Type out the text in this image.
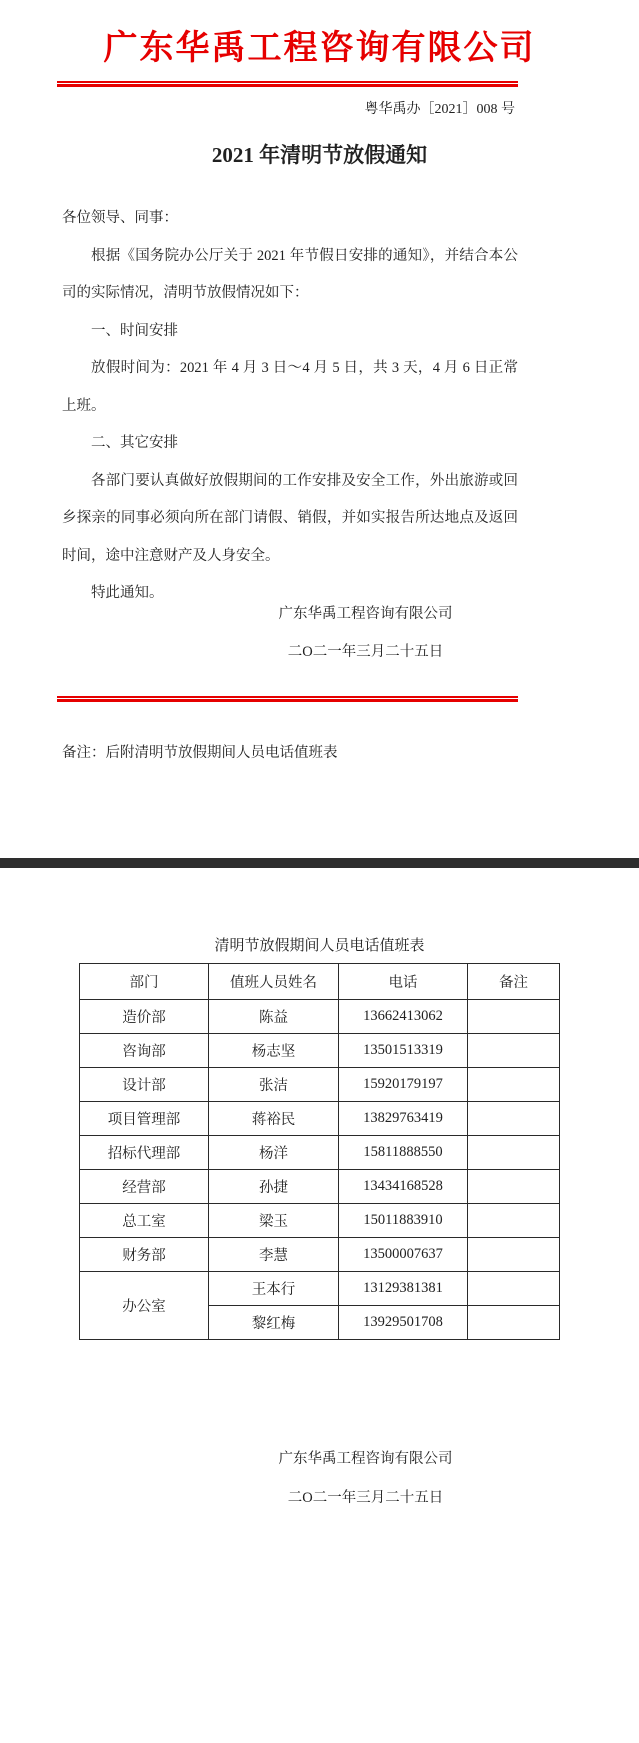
广东华禹工程咨询有限公司
粤华禹办［2021］008 号
2021 年清明节放假通知

各位领导、同事：

根据《国务院办公厅关于 2021 年节假日安排的通知》，并结合本公司的实际情况，清明节放假情况如下：

一、时间安排

放假时间为：2021 年 4 月 3 日～4 月 5 日，共 3 天，4 月 6 日正常上班。

二、其它安排

各部门要认真做好放假期间的工作安排及安全工作，外出旅游或回乡探亲的同事必须向所在部门请假、销假，并如实报告所达地点及返回时间，途中注意财产及人身安全。

特此通知。

广东华禹工程咨询有限公司
二O二一年三月二十五日
备注：后附清明节放假期间人员电话值班表
清明节放假期间人员电话值班表
部门	值班人员姓名	电话	备注
造价部	陈益	13662413062	
咨询部	杨志坚	13501513319	
设计部	张洁	15920179197	
项目管理部	蒋裕民	13829763419	
招标代理部	杨洋	15811888550	
经营部	孙捷	13434168528	
总工室	梁玉	15011883910	
财务部	李慧	13500007637	
办公室	王本行	13129381381	
	黎红梅	13929501708	
广东华禹工程咨询有限公司
二O二一年三月二十五日
